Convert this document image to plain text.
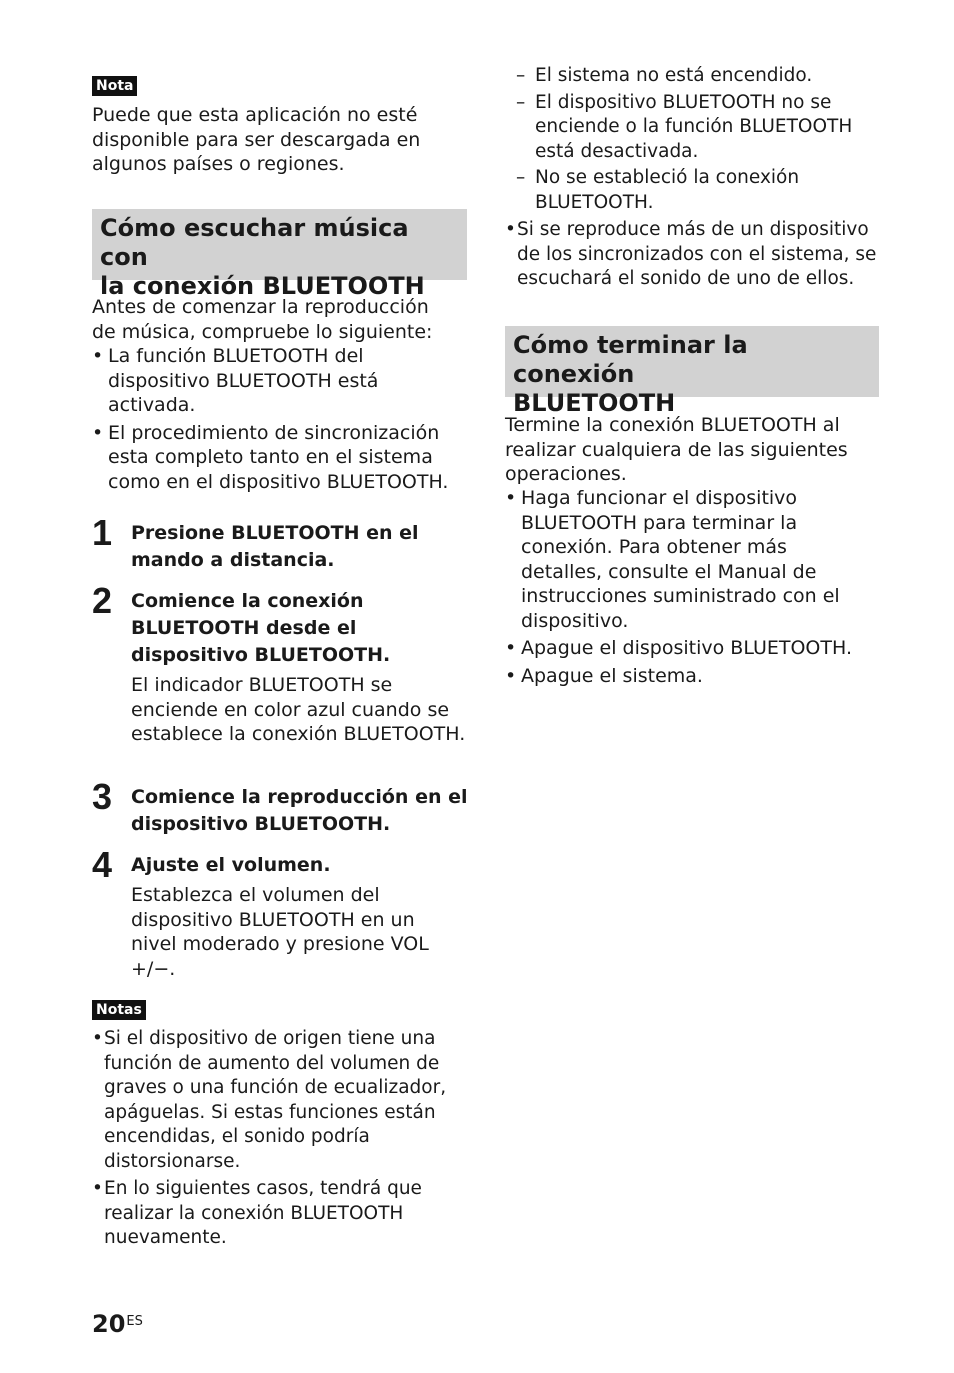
Nota

Puede que esta aplicación no esté disponible para ser descargada en algunos países o regiones.

Cómo escuchar música con
la conexión BLUETOOTH
Antes de comenzar la reproducción
de música, compruebe lo siguiente:
• La función BLUETOOTH del dispositivo BLUETOOTH está activada.
• El procedimiento de sincronización esta completo tanto en el sistema como en el dispositivo BLUETOOTH.
1 Presione BLUETOOTH en el mando a distancia.
2 Comience la conexión BLUETOOTH desde el dispositivo BLUETOOTH.
El indicador BLUETOOTH se enciende en color azul cuando se establece la conexión BLUETOOTH.
3 Comience la reproducción en el dispositivo BLUETOOTH.
4 Ajuste el volumen.
Establezca el volumen del dispositivo BLUETOOTH en un nivel moderado y presione VOL +/−.
Notas
• Si el dispositivo de origen tiene una función de aumento del volumen de graves o una función de ecualizador, apáguelas. Si estas funciones están encendidas, el sonido podría distorsionarse.
• En lo siguientes casos, tendrá que realizar la conexión BLUETOOTH nuevamente.
– El sistema no está encendido.
– El dispositivo BLUETOOTH no se enciende o la función BLUETOOTH está desactivada.
– No se estableció la conexión BLUETOOTH.
• Si se reproduce más de un dispositivo de los sincronizados con el sistema, se escuchará el sonido de uno de ellos.
Cómo terminar la conexión
BLUETOOTH

Termine la conexión BLUETOOTH al realizar cualquiera de las siguientes operaciones.

• Haga funcionar el dispositivo BLUETOOTH para terminar la conexión. Para obtener más detalles, consulte el Manual de instrucciones suministrado con el dispositivo.
• Apague el dispositivo BLUETOOTH.
• Apague el sistema.
$20^{ES}$
